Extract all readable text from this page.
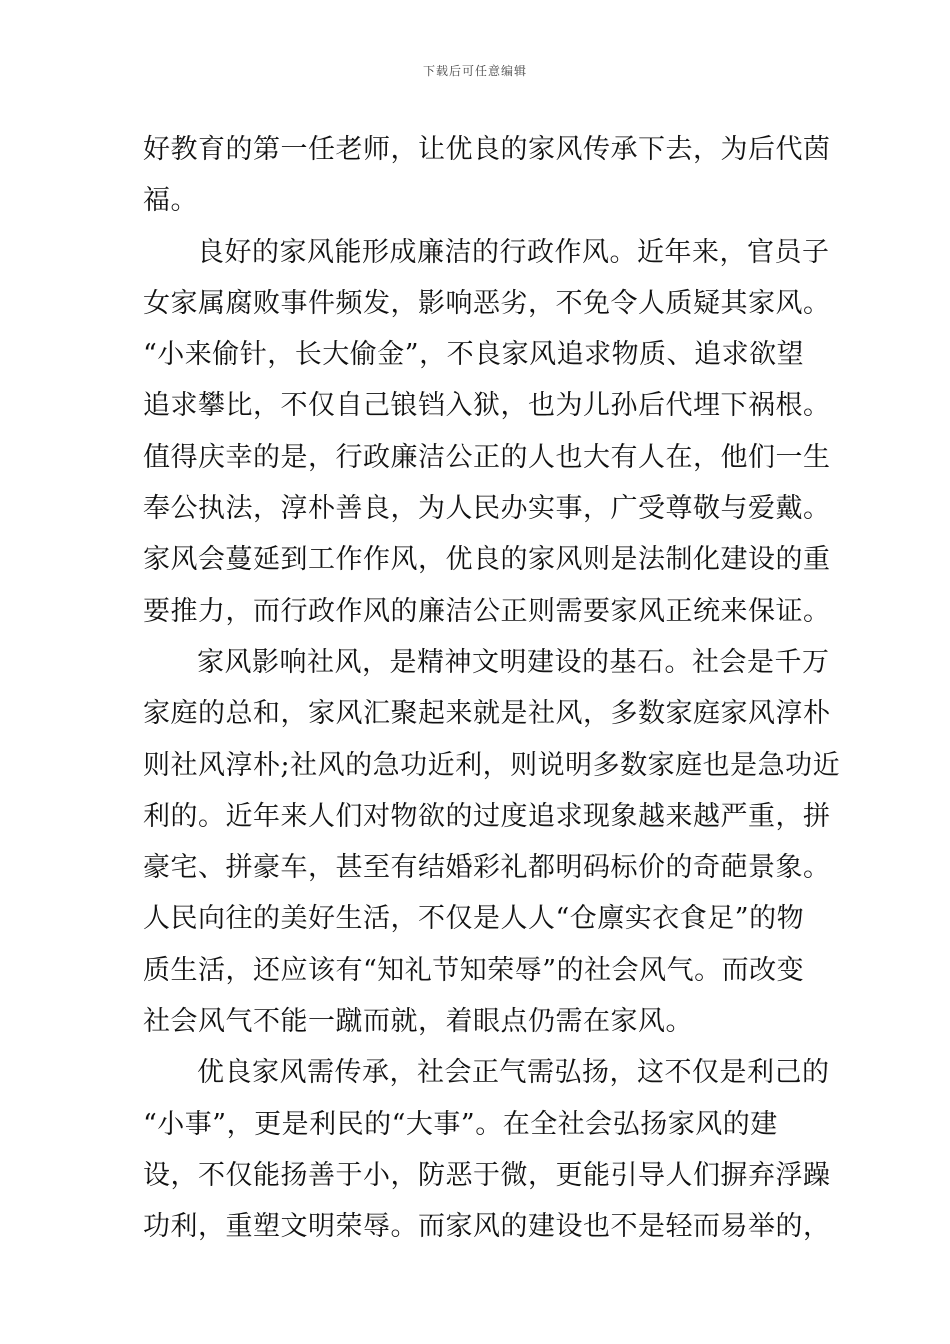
下载后可任意编辑
好教育的第一任老师，让优良的家风传承下去，为后代茵
福。
良好的家风能形成廉洁的行政作风。近年来，官员子
女家属腐败事件频发，影响恶劣，不免令人质疑其家风。
“小来偷针，长大偷金”，不良家风追求物质、追求欲望
追求攀比，不仅自己锒铛入狱，也为儿孙后代埋下祸根。
值得庆幸的是，行政廉洁公正的人也大有人在，他们一生
奉公执法，淳朴善良，为人民办实事，广受尊敬与爱戴。
家风会蔓延到工作作风，优良的家风则是法制化建设的重
要推力，而行政作风的廉洁公正则需要家风正统来保证。
家风影响社风，是精神文明建设的基石。社会是千万
家庭的总和，家风汇聚起来就是社风，多数家庭家风淳朴
则社风淳朴;社风的急功近利，则说明多数家庭也是急功近
利的。近年来人们对物欲的过度追求现象越来越严重，拼
豪宅、拼豪车，甚至有结婚彩礼都明码标价的奇葩景象。
人民向往的美好生活，不仅是人人“仓廪实衣食足”的物
质生活，还应该有“知礼节知荣辱”的社会风气。而改变
社会风气不能一蹴而就，着眼点仍需在家风。
优良家风需传承，社会正气需弘扬，这不仅是利己的
“小事”，更是利民的“大事”。在全社会弘扬家风的建
设，不仅能扬善于小，防恶于微，更能引导人们摒弃浮躁
功利，重塑文明荣辱。而家风的建设也不是轻而易举的，
